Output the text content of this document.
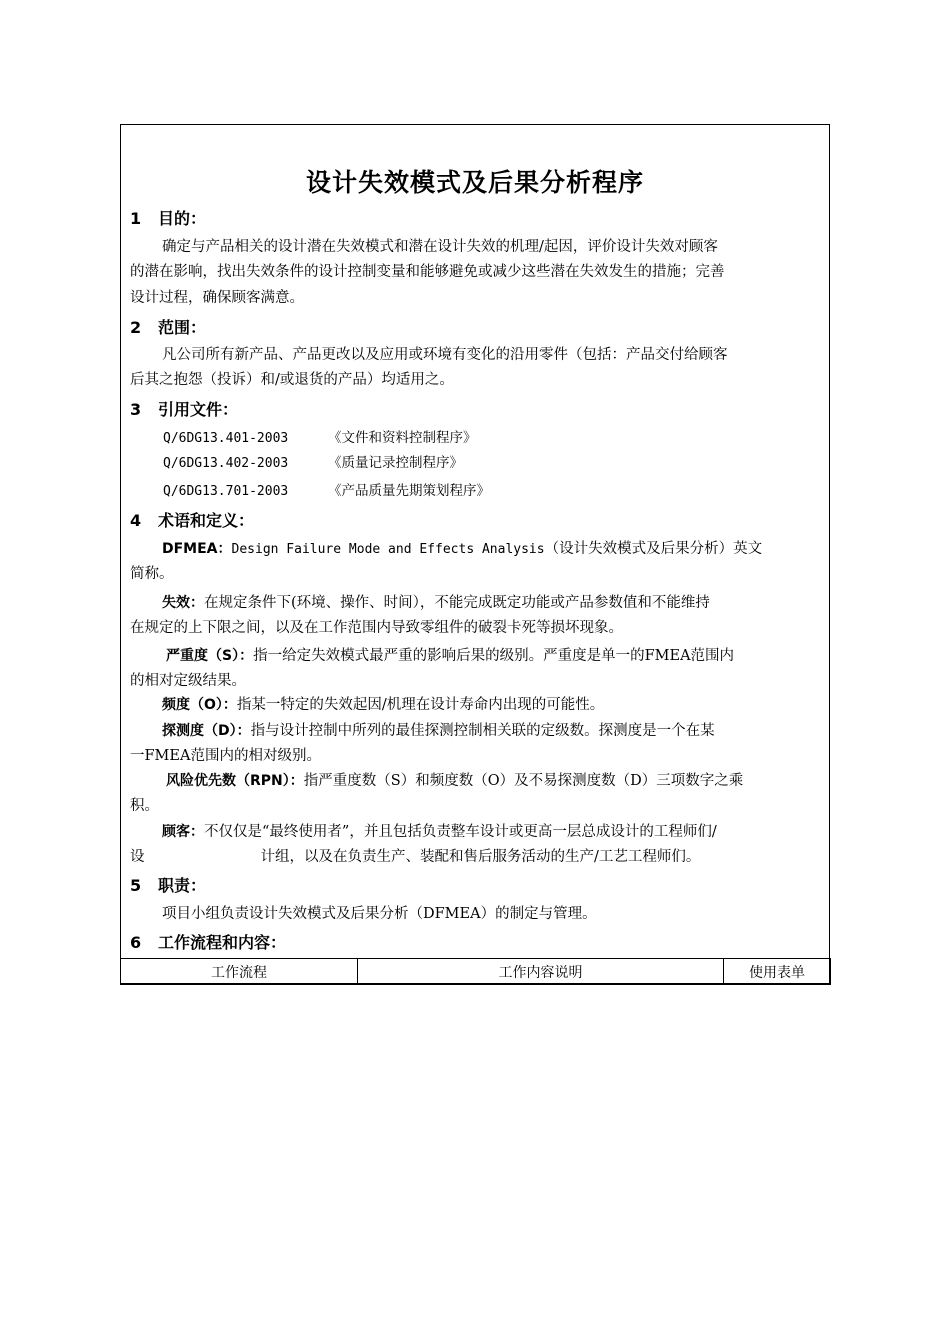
设计失效模式及后果分析程序
1 目的：
确定与产品相关的设计潜在失效模式和潜在设计失效的机理/起因，评价设计失效对顾客
的潜在影响，找出失效条件的设计控制变量和能够避免或减少这些潜在失效发生的措施；完善
设计过程，确保顾客满意。
2 范围：
凡公司所有新产品、产品更改以及应用或环境有变化的沿用零件（包括：产品交付给顾客
后其之抱怨（投诉）和/或退货的产品）均适用之。
3 引用文件：
Q/6DG13.401-2003	《文件和资料控制程序》
Q/6DG13.402-2003	《质量记录控制程序》
Q/6DG13.701-2003	《产品质量先期策划程序》
4 术语和定义：
DFMEA：Design Failure Mode and Effects Analysis（设计失效模式及后果分析）英文
简称。
失效：在规定条件下(环境、操作、时间），不能完成既定功能或产品参数值和不能维持
在规定的上下限之间，以及在工作范围内导致零组件的破裂卡死等损坏现象。
严重度（S）：指一给定失效模式最严重的影响后果的级别。严重度是单一的FMEA范围内
的相对定级结果。
频度（O）：指某一特定的失效起因/机理在设计寿命内出现的可能性。
探测度（D）：指与设计控制中所列的最佳探测控制相关联的定级数。探测度是一个在某
一FMEA范围内的相对级别。
风险优先数（RPN）：指严重度数（S）和频度数（O）及不易探测度数（D）三项数字之乘
积。
顾客：不仅仅是“最终使用者”，并且包括负责整车设计或更高一层总成设计的工程师们/
设	计组，以及在负责生产、装配和售后服务活动的生产/工艺工程师们。
5 职责：
项目小组负责设计失效模式及后果分析（DFMEA）的制定与管理。
6 工作流程和内容：
工作流程	工作内容说明	使用表单
